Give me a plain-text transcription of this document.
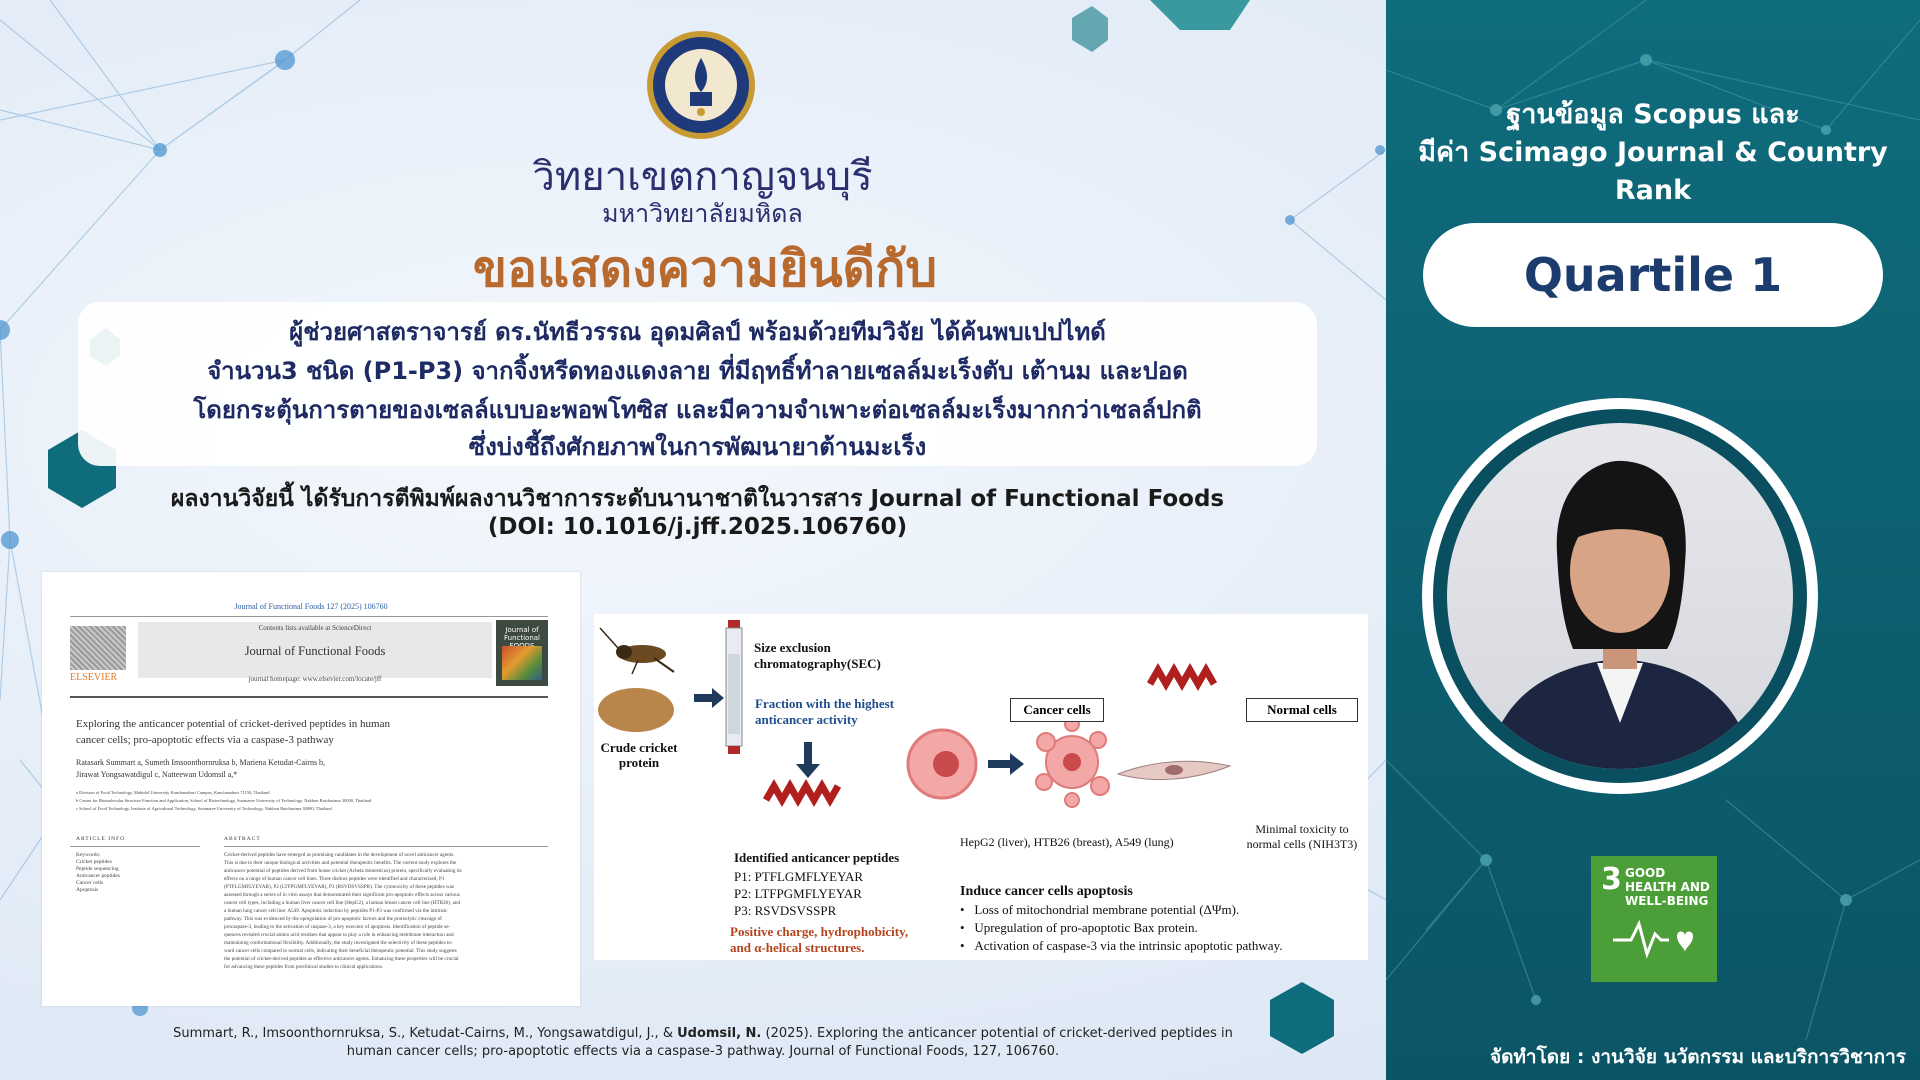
วิทยาเขตกาญจนบุรี
มหาวิทยาลัยมหิดล
ขอแสดงความยินดีกับ
ผู้ช่วยศาสตราจารย์ ดร.นัทธีวรรณ อุดมศิลป์ พร้อมด้วยทีมวิจัย ได้ค้นพบเปปไทด์
จำนวน3 ชนิด (P1-P3) จากจิ้งหรีดทองแดงลาย ที่มีฤทธิ์ทำลายเซลล์มะเร็งตับ เต้านม และปอด
โดยกระตุ้นการตายของเซลล์แบบอะพอพโทซิส และมีความจำเพาะต่อเซลล์มะเร็งมากกว่าเซลล์ปกติ
ซึ่งบ่งชี้ถึงศักยภาพในการพัฒนายาต้านมะเร็ง
ผลงานวิจัยนี้ ได้รับการตีพิมพ์ผลงานวิชาการระดับนานาชาติในวารสาร Journal of Functional Foods
(DOI: 10.1016/j.jff.2025.106760)
Journal of Functional Foods 127 (2025) 106760
ELSEVIER
Contents lists available at ScienceDirect
Journal of Functional Foods
journal homepage: www.elsevier.com/locate/jff
Journal of Functional
Exploring the anticancer potential of cricket-derived peptides in human
cancer cells; pro-apoptotic effects via a caspase-3 pathway
Ratasark Summart a, Sumeth Imsoonthornruksa b, Mariena Ketudat-Cairns b,
Jirawat Yongsawatdigul c, Natteewan Udomsil a,*
a Division of Food Technology, Mahidol University Kanchanaburi Campus, Kanchanaburi 71150, Thailand
b Center for Biomolecular Structure Function and Application, School of Biotechnology, Suranaree University of Technology, Nakhon Ratchasima 30000, Thailand
c School of Food Technology, Institute of Agricultural Technology, Suranaree University of Technology, Nakhon Ratchasima 30000, Thailand
ARTICLE INFO	ABSTRACT
Keywords:
Cricket peptides
Peptide sequencing
Anticancer peptides
Cancer cells
Apoptosis
Cricket-derived peptides have emerged as promising candidates in the development of novel anticancer agents.
This is due to their unique biological activities and potential therapeutic benefits. The current study explores the
anticancer potential of peptides derived from house cricket (Acheta domesticus) protein, specifically evaluating its
effects on a range of human cancer cell lines. Three distinct peptides were identified and characterized, P1
(PTFLGMFLYEYAR), P2 (LTFPGMFLYEYAR), P3 (RSVDSVSSPR). The cytotoxicity of these peptides was
assessed through a series of in vitro assays that demonstrated their significant pro-apoptotic effects across various
cancer cell types, including a human liver cancer cell line (HepG2), a human breast cancer cell line (HTB26), and
a human lung cancer cell line: A549. Apoptotic induction by peptides P1-P3 was confirmed via the intrinsic
pathway. This was evidenced by the upregulation of pro-apoptotic factors and the proteolytic cleavage of
procaspase-3, leading to the activation of caspase-3, a key executor of apoptosis. Identification of peptide se-
quences revealed crucial amino acid residues that appear to play a role in enhancing membrane interaction and
maintaining conformational flexibility. Additionally, the study investigated the selectivity of these peptides to-
ward cancer cells compared to normal cells, indicating their beneficial therapeutic potential. This study suggests
the potential of cricket-derived peptides as effective anticancer agents. Enhancing these properties will be crucial
for advancing these peptides from preclinical studies to clinical applications.
Crude cricket
protein
Size exclusion
chromatography(SEC)
Fraction with the highest
anticancer activity
Identified anticancer peptides
P1: PTFLGMFLYEYAR
P2: LTFPGMFLYEYAR
P3: RSVDSVSSPR
Positive charge, hydrophobicity,
and α-helical structures.
Cancer cells	Normal cells
HepG2 (liver), HTB26 (breast), A549 (lung)
Minimal toxicity to
normal cells (NIH3T3)
Induce cancer cells apoptosis
•   Loss of mitochondrial membrane potential (ΔΨm).
•   Upregulation of pro-apoptotic Bax protein.
•   Activation of caspase-3 via the intrinsic apoptotic pathway.
Summart, R., Imsoonthornruksa, S., Ketudat-Cairns, M., Yongsawatdigul, J., & Udomsil, N. (2025). Exploring the anticancer potential of cricket-derived peptides in
human cancer cells; pro-apoptotic effects via a caspase-3 pathway. Journal of Functional Foods, 127, 106760.
ฐานข้อมูล Scopus และ
มีค่า Scimago Journal & Country Rank
Quartile 1
3 GOOD HEALTH AND WELL-BEING
จัดทำโดย : งานวิจัย นวัตกรรม และบริการวิชาการ
